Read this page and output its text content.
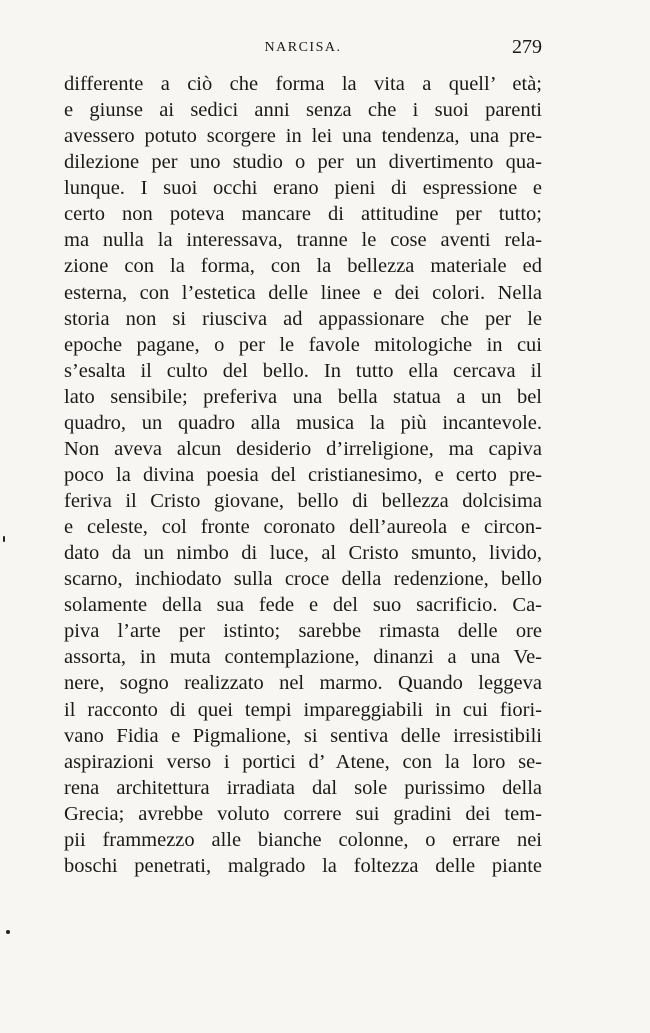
NARCISA.	279
differente a ciò che forma la vita a quell’ età;
e giunse ai sedici anni senza che i suoi parenti
avessero potuto scorgere in lei una tendenza, una pre-
dilezione per uno studio o per un divertimento qua-
lunque. I suoi occhi erano pieni di espressione e
certo non poteva mancare di attitudine per tutto;
ma nulla la interessava, tranne le cose aventi rela-
zione con la forma, con la bellezza materiale ed
esterna, con l’estetica delle linee e dei colori. Nella
storia non si riusciva ad appassionare che per le
epoche pagane, o per le favole mitologiche in cui
s’esalta il culto del bello. In tutto ella cercava il
lato sensibile; preferiva una bella statua a un bel
quadro, un quadro alla musica la più incantevole.
Non aveva alcun desiderio d’irreligione, ma capiva
poco la divina poesia del cristianesimo, e certo pre-
feriva il Cristo giovane, bello di bellezza dolcisima
e celeste, col fronte coronato dell’aureola e circon-
dato da un nimbo di luce, al Cristo smunto, livido,
scarno, inchiodato sulla croce della redenzione, bello
solamente della sua fede e del suo sacrificio. Ca-
piva l’arte per istinto; sarebbe rimasta delle ore
assorta, in muta contemplazione, dinanzi a una Ve-
nere, sogno realizzato nel marmo. Quando leggeva
il racconto di quei tempi impareggiabili in cui fiori-
vano Fidia e Pigmalione, si sentiva delle irresistibili
aspirazioni verso i portici d’ Atene, con la loro se-
rena architettura irradiata dal sole purissimo della
Grecia; avrebbe voluto correre sui gradini dei tem-
pii frammezzo alle bianche colonne, o errare nei
boschi penetrati, malgrado la foltezza delle piante
